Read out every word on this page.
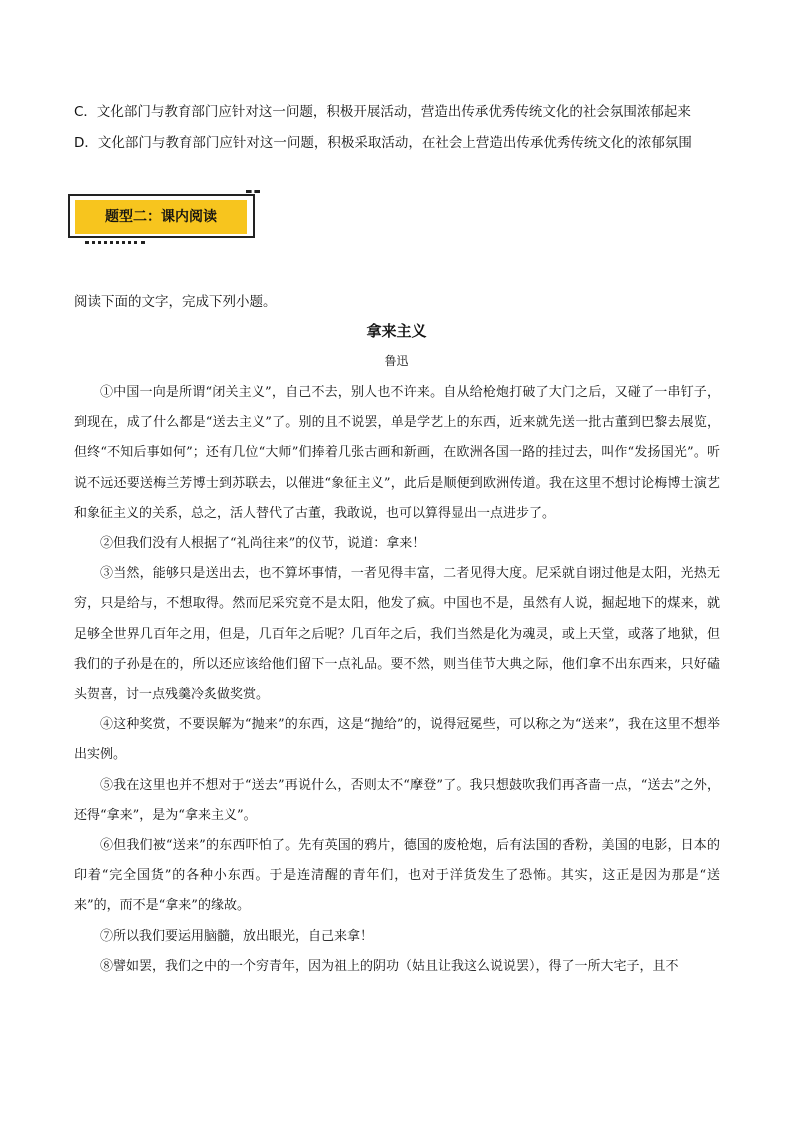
C．文化部门与教育部门应针对这一问题，积极开展活动，营造出传承优秀传统文化的社会氛围浓郁起来
D．文化部门与教育部门应针对这一问题，积极采取活动，在社会上营造出传承优秀传统文化的浓郁氛围
题型二：课内阅读
阅读下面的文字，完成下列小题。
拿来主义
鲁迅

①中国一向是所谓“闭关主义”，自己不去，别人也不许来。自从给枪炮打破了大门之后，又碰了一串钉子，到现在，成了什么都是“送去主义”了。别的且不说罢，单是学艺上的东西，近来就先送一批古董到巴黎去展览，但终“不知后事如何”；还有几位“大师”们捧着几张古画和新画，在欧洲各国一路的挂过去，叫作“发扬国光”。听说不远还要送梅兰芳博士到苏联去，以催进“象征主义”，此后是顺便到欧洲传道。我在这里不想讨论梅博士演艺和象征主义的关系，总之，活人替代了古董，我敢说，也可以算得显出一点进步了。

②但我们没有人根据了“礼尚往来”的仪节，说道：拿来！

③当然，能够只是送出去，也不算坏事情，一者见得丰富，二者见得大度。尼采就自诩过他是太阳，光热无穷，只是给与，不想取得。然而尼采究竟不是太阳，他发了疯。中国也不是，虽然有人说，掘起地下的煤来，就足够全世界几百年之用，但是，几百年之后呢？几百年之后，我们当然是化为魂灵，或上天堂，或落了地狱，但我们的子孙是在的，所以还应该给他们留下一点礼品。要不然，则当佳节大典之际，他们拿不出东西来，只好磕头贺喜，讨一点残羹冷炙做奖赏。

④这种奖赏，不要误解为“抛来”的东西，这是“抛给”的，说得冠冕些，可以称之为“送来”，我在这里不想举出实例。

⑤我在这里也并不想对于“送去”再说什么，否则太不“摩登”了。我只想鼓吹我们再吝啬一点，“送去”之外，还得“拿来”，是为“拿来主义”。

⑥但我们被“送来”的东西吓怕了。先有英国的鸦片，德国的废枪炮，后有法国的香粉，美国的电影，日本的印着“完全国货”的各种小东西。于是连清醒的青年们，也对于洋货发生了恐怖。其实，这正是因为那是“送来”的，而不是“拿来”的缘故。

⑦所以我们要运用脑髓，放出眼光，自己来拿！

⑧譬如罢，我们之中的一个穷青年，因为祖上的阴功（姑且让我这么说说罢），得了一所大宅子，且不
